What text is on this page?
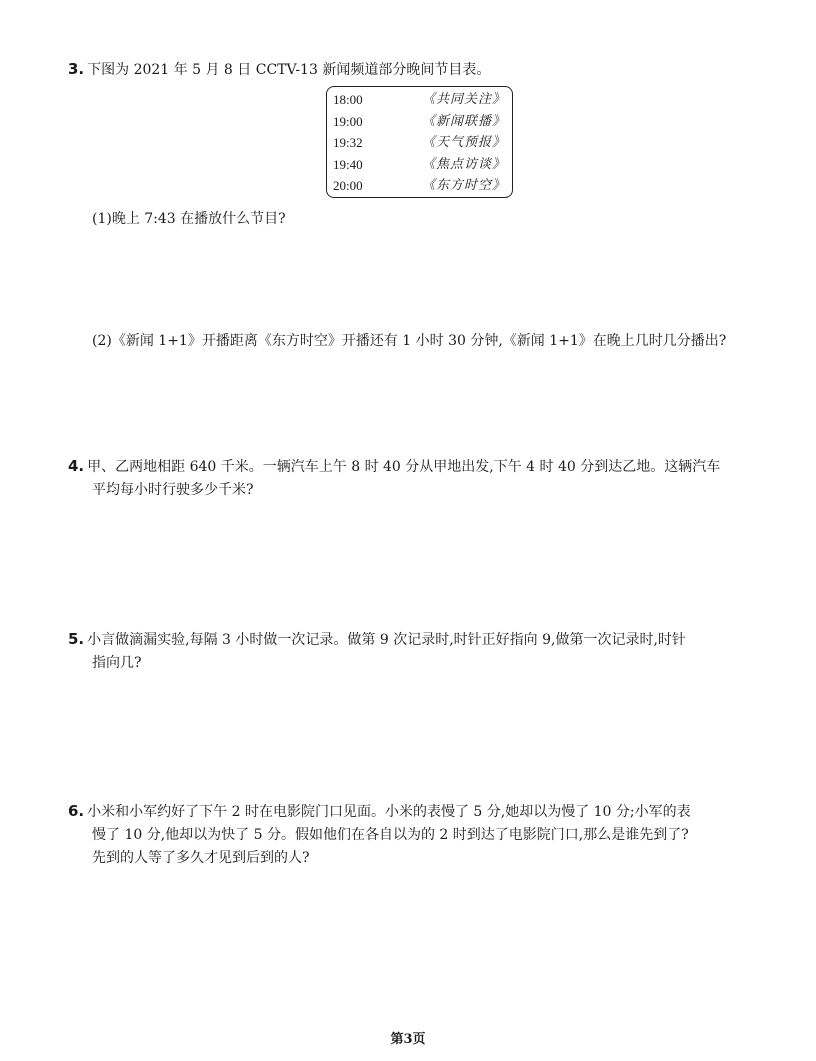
3. 下图为 2021 年 5 月 8 日 CCTV-13 新闻频道部分晚间节目表。
18:00	《共同关注》
19:00	《新闻联播》
19:32	《天气预报》
19:40	《焦点访谈》
20:00	《东方时空》
(1)晚上 7:43 在播放什么节目?
(2)《新闻 1+1》开播距离《东方时空》开播还有 1 小时 30 分钟,《新闻 1+1》在晚上几时几分播出?
4. 甲、乙两地相距 640 千米。一辆汽车上午 8 时 40 分从甲地出发,下午 4 时 40 分到达乙地。这辆汽车
平均每小时行驶多少千米?
5. 小言做滴漏实验,每隔 3 小时做一次记录。做第 9 次记录时,时针正好指向 9,做第一次记录时,时针
指向几?
6. 小米和小军约好了下午 2 时在电影院门口见面。小米的表慢了 5 分,她却以为慢了 10 分;小军的表
慢了 10 分,他却以为快了 5 分。假如他们在各自以为的 2 时到达了电影院门口,那么是谁先到了?
先到的人等了多久才见到后到的人?
第3页
